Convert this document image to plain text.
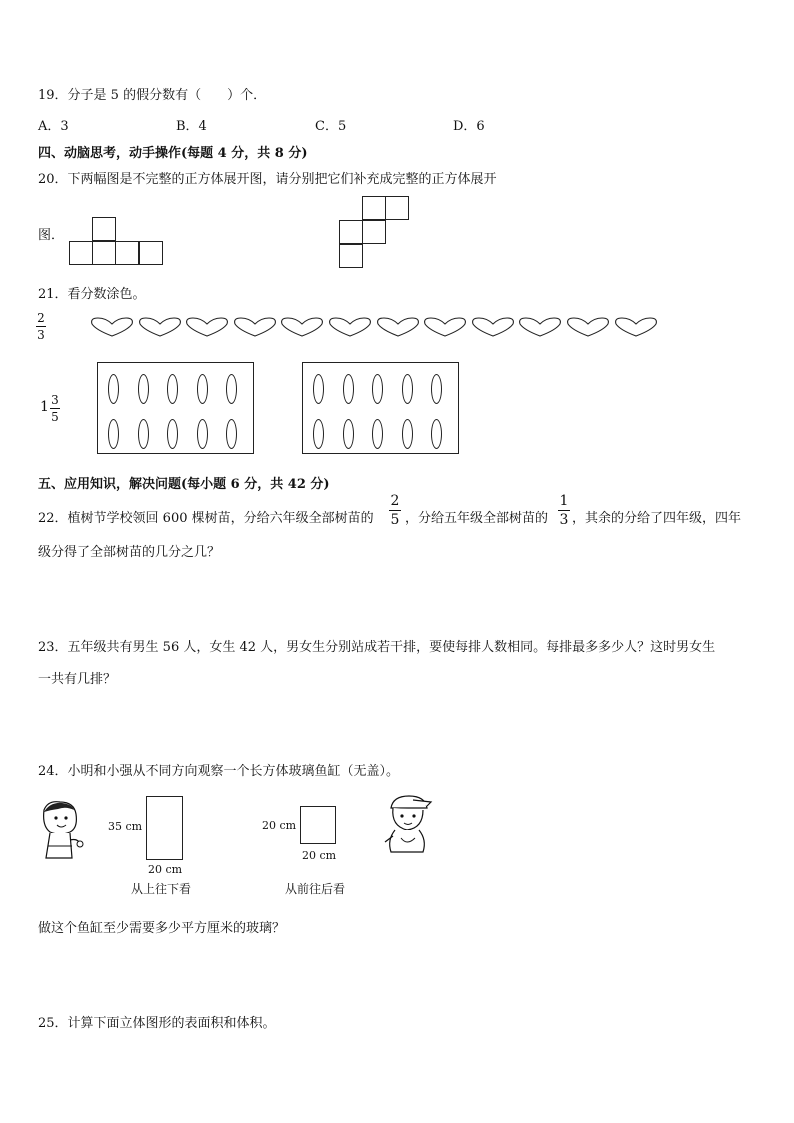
19．分子是 5 的假分数有（　　）个．
A．3	B．4	C．5	D．6
四、动脑思考，动手操作(每题 4 分，共 8 分)
20．下两幅图是不完整的正方体展开图，请分别把它们补充成完整的正方体展开
图．
21．看分数涂色。
2
3
1 3
5
五、应用知识，解决问题(每小题 6 分，共 42 分)
22．植树节学校领回 600 棵树苗，分给六年级全部树苗的
2
5 ，分给五年级全部树苗的
1
3 ，其余的分给了四年级，四年
级分得了全部树苗的几分之几？
23．五年级共有男生 56 人，女生 42 人，男女生分别站成若干排，要使每排人数相同。每排最多多少人？这时男女生
一共有几排？
24．小明和小强从不同方向观察一个长方体玻璃鱼缸（无盖）。
35 cm
20 cm
从上往下看
20 cm
20 cm
从前往后看
做这个鱼缸至少需要多少平方厘米的玻璃？
25．计算下面立体图形的表面积和体积。
